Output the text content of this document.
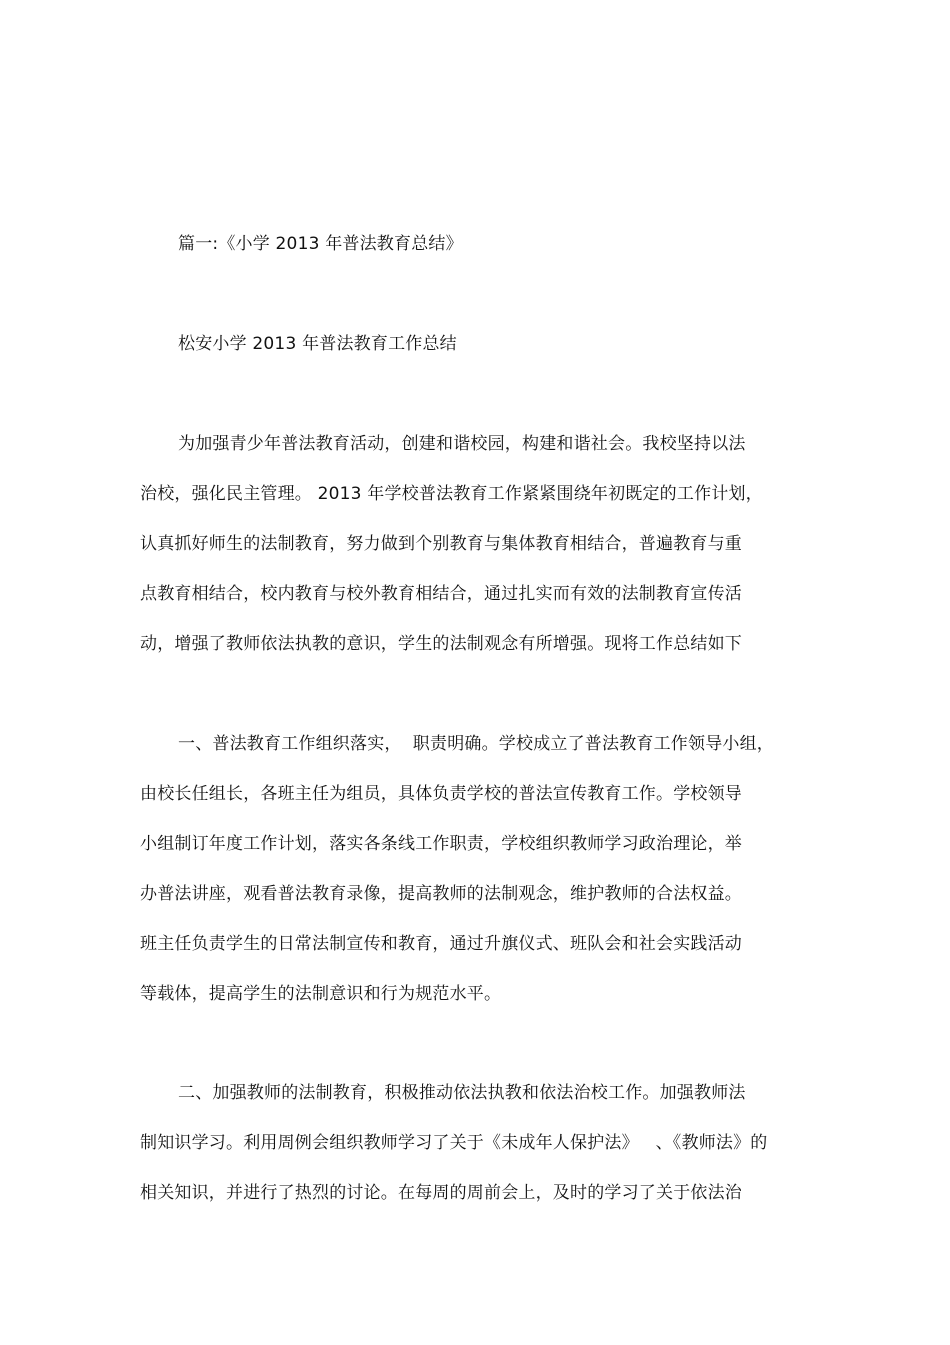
篇一:《小学 2013 年普法教育总结》
松安小学 2013 年普法教育工作总结
为加强青少年普法教育活动，创建和谐校园，构建和谐社会。我校坚持以法
治校，强化民主管理。 2013 年学校普法教育工作紧紧围绕年初既定的工作计划，
认真抓好师生的法制教育，努力做到个别教育与集体教育相结合，普遍教育与重
点教育相结合，校内教育与校外教育相结合，通过扎实而有效的法制教育宣传活
动，增强了教师依法执教的意识，学生的法制观念有所增强。现将工作总结如下
一、普法教育工作组织落实，  职责明确。学校成立了普法教育工作领导小组，
由校长任组长，各班主任为组员，具体负责学校的普法宣传教育工作。学校领导
小组制订年度工作计划，落实各条线工作职责，学校组织教师学习政治理论，举
办普法讲座，观看普法教育录像，提高教师的法制观念，维护教师的合法权益。
班主任负责学生的日常法制宣传和教育，通过升旗仪式、班队会和社会实践活动
等载体，提高学生的法制意识和行为规范水平。
二、加强教师的法制教育，积极推动依法执教和依法治校工作。加强教师法
制知识学习。利用周例会组织教师学习了关于《未成年人保护法》   、《教师法》的
相关知识，并进行了热烈的讨论。在每周的周前会上，及时的学习了关于依法治
